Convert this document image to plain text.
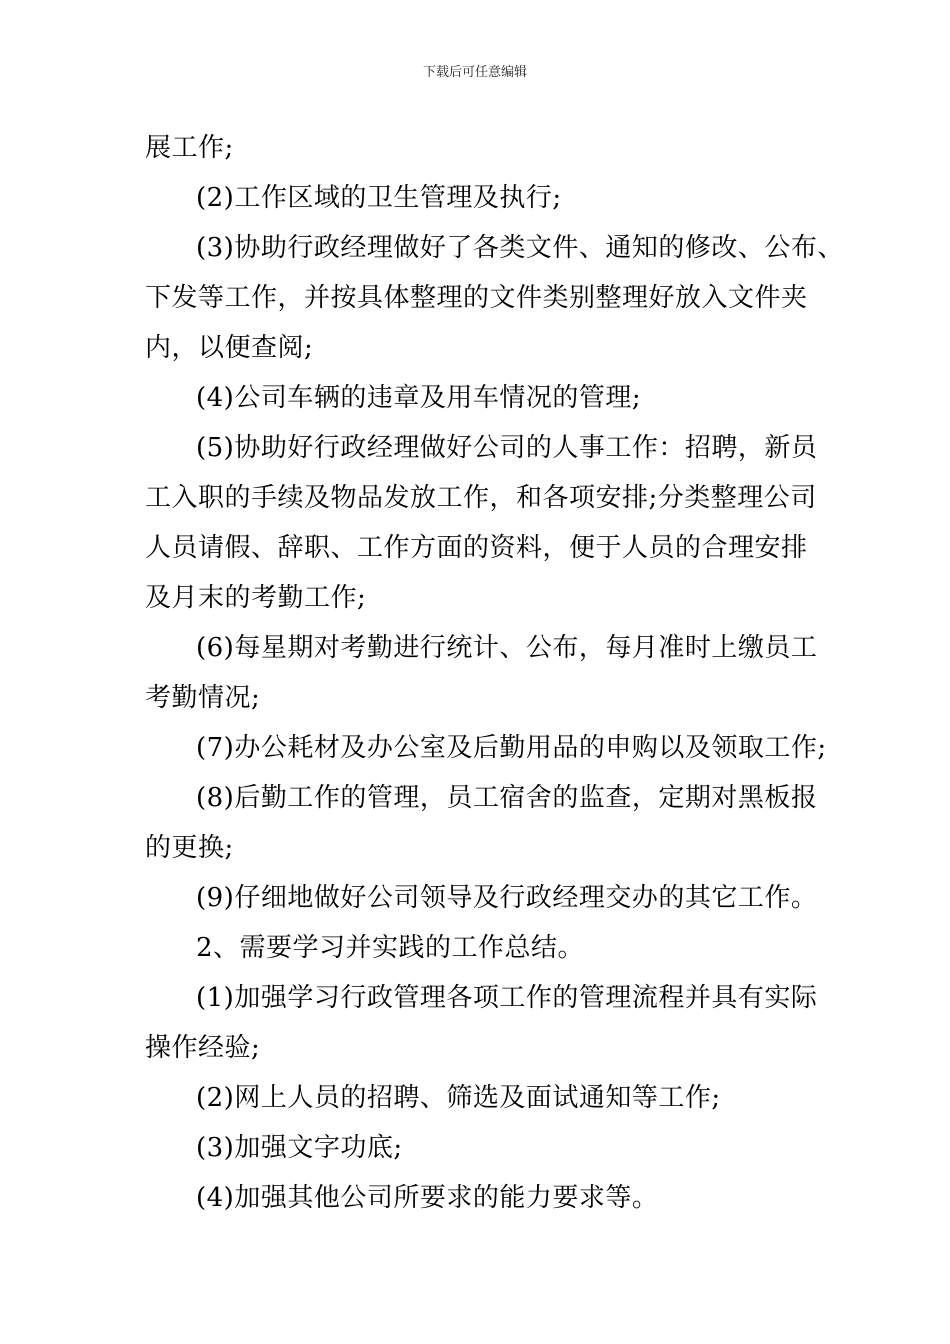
下载后可任意编辑
展工作;
(2)工作区域的卫生管理及执行;
(3)协助行政经理做好了各类文件、通知的修改、公布、
下发等工作，并按具体整理的文件类别整理好放入文件夹
内，以便查阅;
(4)公司车辆的违章及用车情况的管理;
(5)协助好行政经理做好公司的人事工作：招聘，新员
工入职的手续及物品发放工作，和各项安排;分类整理公司
人员请假、辞职、工作方面的资料，便于人员的合理安排
及月末的考勤工作;
(6)每星期对考勤进行统计、公布，每月准时上缴员工
考勤情况;
(7)办公耗材及办公室及后勤用品的申购以及领取工作;
(8)后勤工作的管理，员工宿舍的监查，定期对黑板报
的更换;
(9)仔细地做好公司领导及行政经理交办的其它工作。
2、需要学习并实践的工作总结。
(1)加强学习行政管理各项工作的管理流程并具有实际
操作经验;
(2)网上人员的招聘、筛选及面试通知等工作;
(3)加强文字功底;
(4)加强其他公司所要求的能力要求等。
